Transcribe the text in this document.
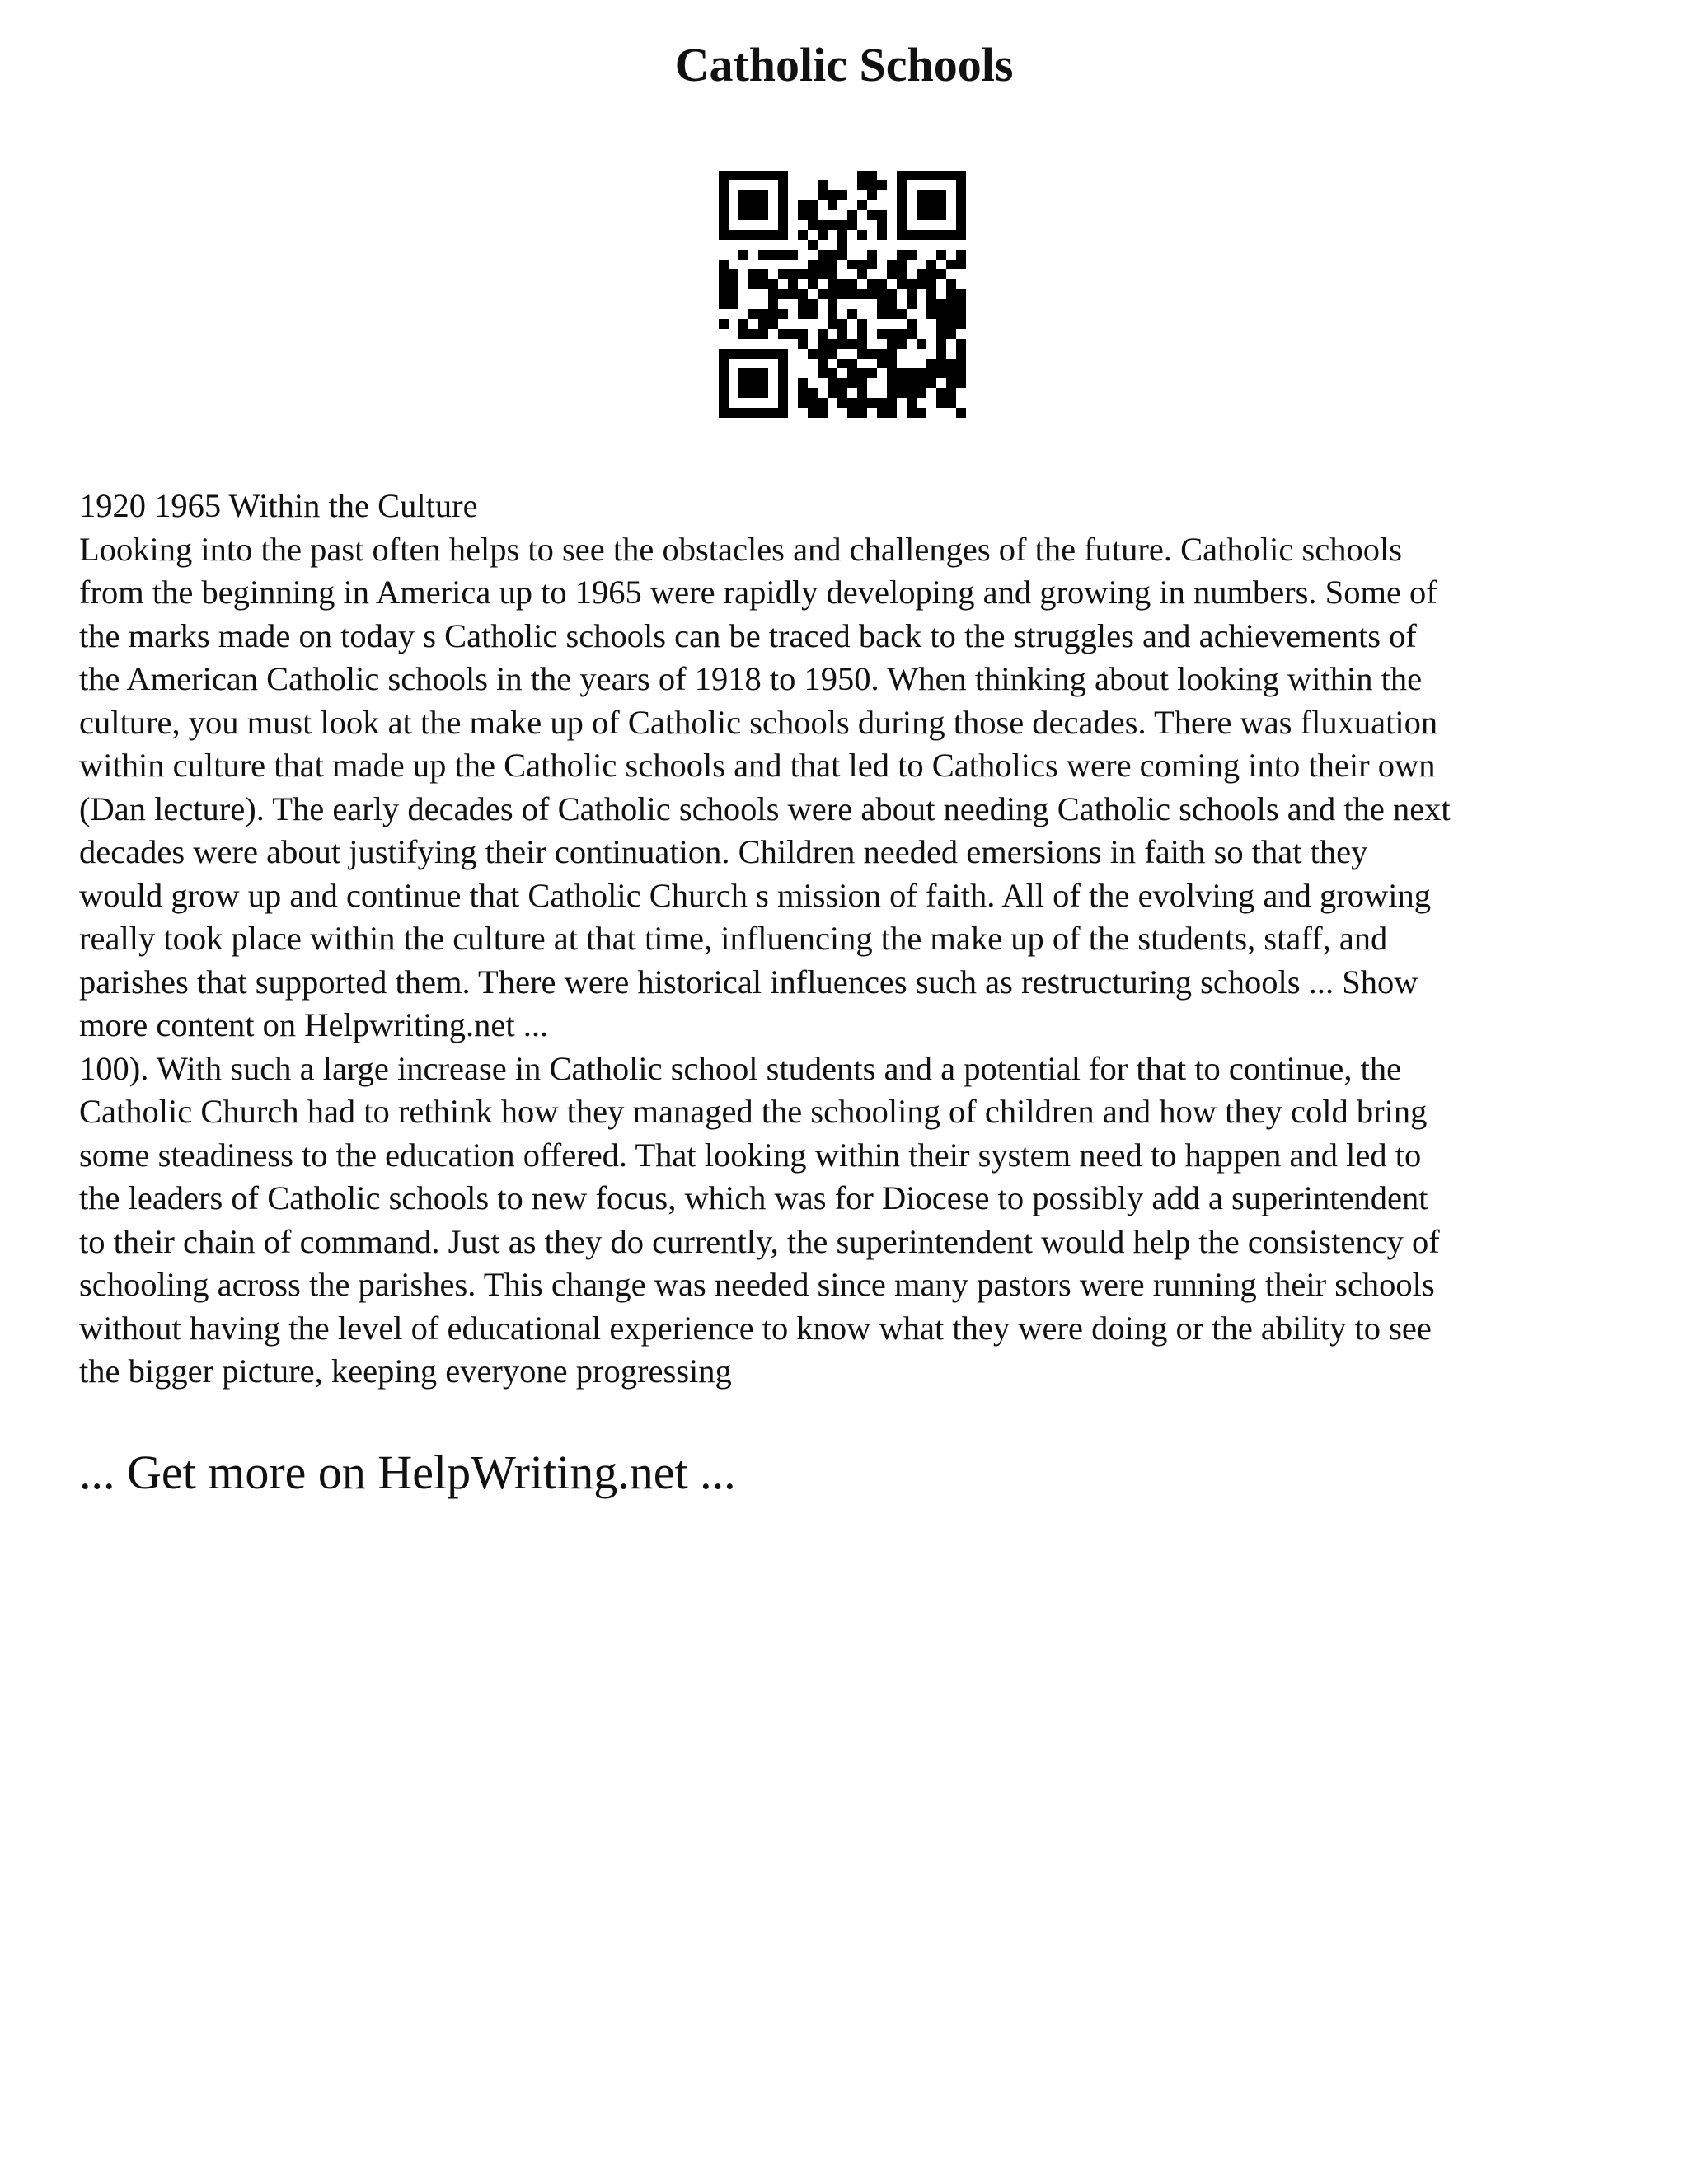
Catholic Schools
1920 1965 Within the Culture
Looking into the past often helps to see the obstacles and challenges of the future. Catholic schools
from the beginning in America up to 1965 were rapidly developing and growing in numbers. Some of
the marks made on today s Catholic schools can be traced back to the struggles and achievements of
the American Catholic schools in the years of 1918 to 1950. When thinking about looking within the
culture, you must look at the make up of Catholic schools during those decades. There was fluxuation
within culture that made up the Catholic schools and that led to Catholics were coming into their own
(Dan lecture). The early decades of Catholic schools were about needing Catholic schools and the next
decades were about justifying their continuation. Children needed emersions in faith so that they
would grow up and continue that Catholic Church s mission of faith. All of the evolving and growing
really took place within the culture at that time, influencing the make up of the students, staff, and
parishes that supported them. There were historical influences such as restructuring schools ... Show
more content on Helpwriting.net ...
100). With such a large increase in Catholic school students and a potential for that to continue, the
Catholic Church had to rethink how they managed the schooling of children and how they cold bring
some steadiness to the education offered. That looking within their system need to happen and led to
the leaders of Catholic schools to new focus, which was for Diocese to possibly add a superintendent
to their chain of command. Just as they do currently, the superintendent would help the consistency of
schooling across the parishes. This change was needed since many pastors were running their schools
without having the level of educational experience to know what they were doing or the ability to see
the bigger picture, keeping everyone progressing
... Get more on HelpWriting.net ...
